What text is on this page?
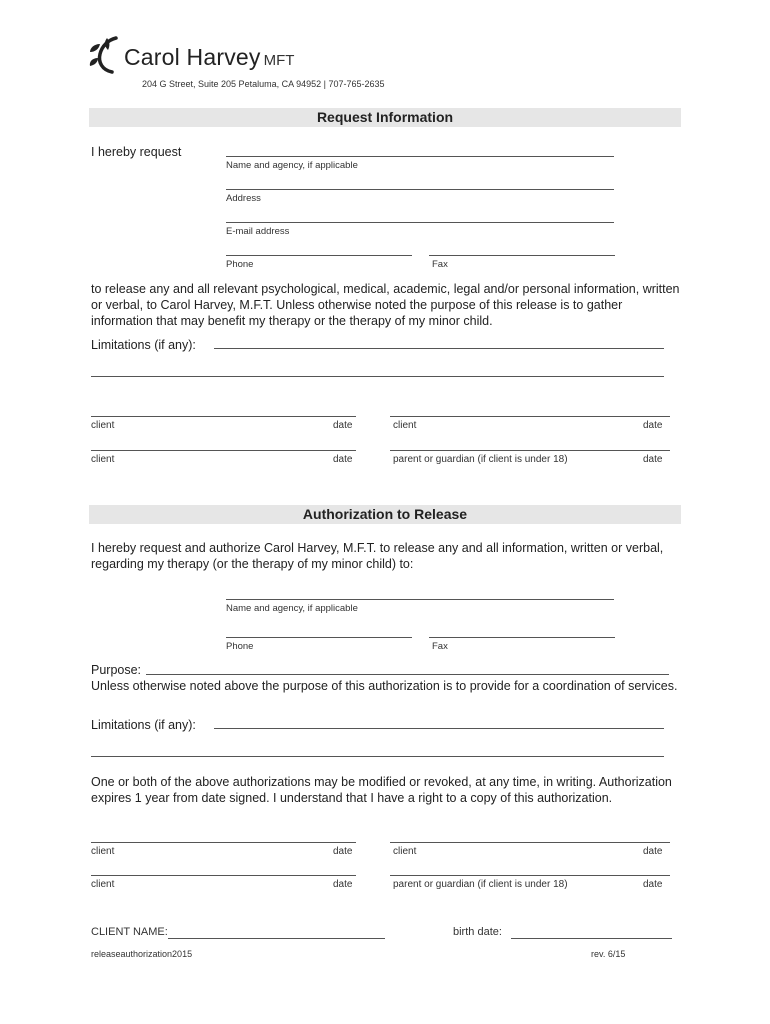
Carol Harvey MFT
204 G Street, Suite 205 Petaluma, CA 94952 | 707-765-2635
Request Information
I hereby request
Name and agency, if applicable
Address
E-mail address
Phone	Fax
to release any and all relevant psychological, medical, academic, legal and/or personal information, written or verbal, to Carol Harvey, M.F.T. Unless otherwise noted the purpose of this release is to gather information that may benefit my therapy or the therapy of my minor child.
Limitations (if any):
client	date	client	date
client	date	parent or guardian (if client is under 18)	date
Authorization to Release
I hereby request and authorize Carol Harvey, M.F.T. to release any and all information, written or verbal, regarding my therapy (or the therapy of my minor child) to:
Name and agency, if applicable
Phone	Fax
Purpose:
Unless otherwise noted above the purpose of this authorization is to provide for a coordination of services.
Limitations (if any):
One or both of the above authorizations may be modified or revoked, at any time, in writing. Authorization expires 1 year from date signed. I understand that I have a right to a copy of this authorization.
client	date	client	date
client	date	parent or guardian (if client is under 18)	date
CLIENT NAME:	birth date:
releaseauthorization2015	rev. 6/15
